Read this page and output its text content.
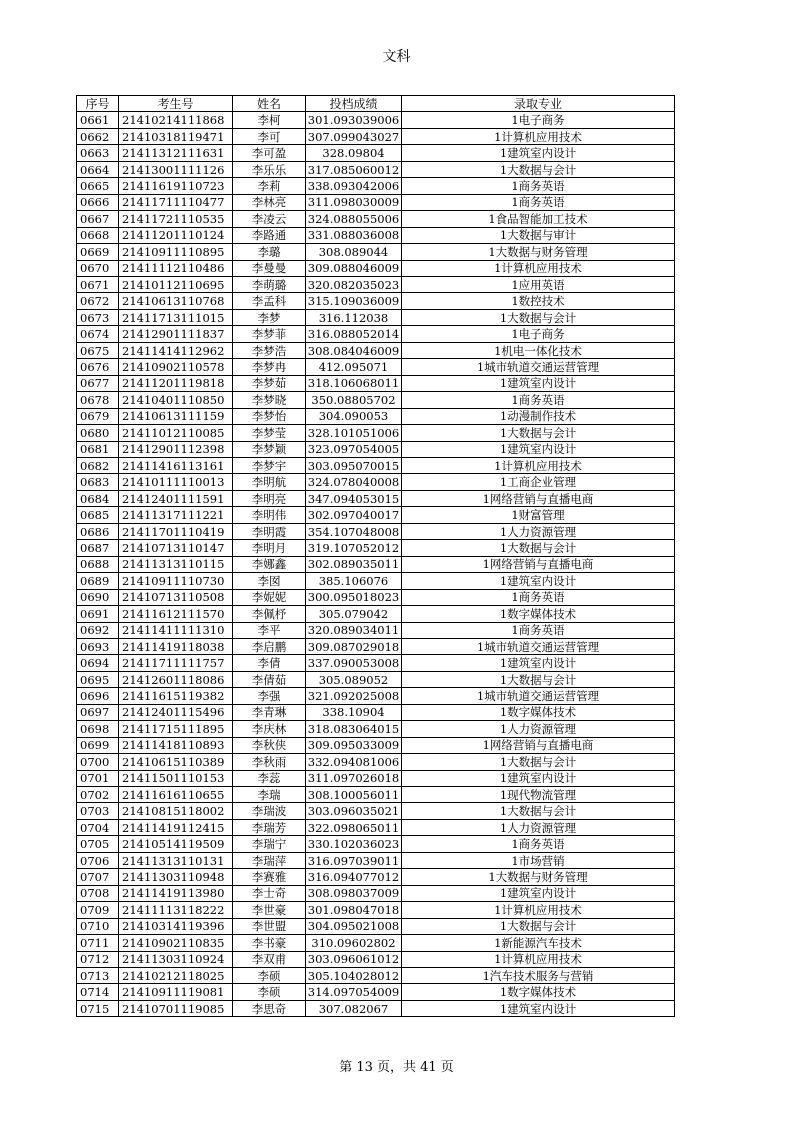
文科
序号	考生号	姓名	投档成绩	录取专业
0661	21410214111868	李柯	301.093039006	1电子商务
0662	21410318119471	李可	307.099043027	1计算机应用技术
0663	21411312111631	李可盈	328.09804	1建筑室内设计
0664	21413001111126	李乐乐	317.085060012	1大数据与会计
0665	21411619110723	李莉	338.093042006	1商务英语
0666	21411711110477	李林亮	311.098030009	1商务英语
0667	21411721110535	李凌云	324.088055006	1食品智能加工技术
0668	21411201110124	李路通	331.088036008	1大数据与审计
0669	21410911110895	李璐	308.089044	1大数据与财务管理
0670	21411112110486	李曼曼	309.088046009	1计算机应用技术
0671	21410112110695	李萌璐	320.082035023	1应用英语
0672	21410613110768	李孟科	315.109036009	1数控技术
0673	21411713111015	李梦	316.112038	1大数据与会计
0674	21412901111837	李梦菲	316.088052014	1电子商务
0675	21411414112962	李梦浩	308.084046009	1机电一体化技术
0676	21410902110578	李梦冉	412.095071	1城市轨道交通运营管理
0677	21411201119818	李梦茹	318.106068011	1建筑室内设计
0678	21410401110850	李梦晓	350.08805702	1商务英语
0679	21410613111159	李梦怡	304.090053	1动漫制作技术
0680	21411012110085	李梦莹	328.101051006	1大数据与会计
0681	21412901112398	李梦颖	323.097054005	1建筑室内设计
0682	21411416113161	李梦宇	303.095070015	1计算机应用技术
0683	21410111110013	李明航	324.078040008	1工商企业管理
0684	21412401111591	李明亮	347.094053015	1网络营销与直播电商
0685	21411317111221	李明伟	302.097040017	1财富管理
0686	21411701110419	李明霞	354.107048008	1人力资源管理
0687	21410713110147	李明月	319.107052012	1大数据与会计
0688	21411313110115	李娜鑫	302.089035011	1网络营销与直播电商
0689	21410911110730	李囡	385.106076	1建筑室内设计
0690	21410713110508	李妮妮	300.095018023	1商务英语
0691	21411612111570	李佩杼	305.079042	1数字媒体技术
0692	21411411111310	李平	320.089034011	1商务英语
0693	21411419118038	李启鹏	309.087029018	1城市轨道交通运营管理
0694	21411711111757	李倩	337.090053008	1建筑室内设计
0695	21412601118086	李倩茹	305.089052	1大数据与会计
0696	21411615119382	李强	321.092025008	1城市轨道交通运营管理
0697	21412401115496	李青琳	338.10904	1数字媒体技术
0698	21411715111895	李庆林	318.083064015	1人力资源管理
0699	21411418110893	李秋侠	309.095033009	1网络营销与直播电商
0700	21410615110389	李秋雨	332.094081006	1大数据与会计
0701	21411501110153	李蕊	311.097026018	1建筑室内设计
0702	21411616110655	李瑞	308.100056011	1现代物流管理
0703	21410815118002	李瑞波	303.096035021	1大数据与会计
0704	21411419112415	李瑞芳	322.098065011	1人力资源管理
0705	21410514119509	李瑞宁	330.102036023	1商务英语
0706	21411313110131	李瑞萍	316.097039011	1市场营销
0707	21411303110948	李赛雅	316.094077012	1大数据与财务管理
0708	21411419113980	李士奇	308.098037009	1建筑室内设计
0709	21411113118222	李世豪	301.098047018	1计算机应用技术
0710	21410314119396	李世盟	304.095021008	1大数据与会计
0711	21410902110835	李书豪	310.09602802	1新能源汽车技术
0712	21411303110924	李双甫	303.096061012	1计算机应用技术
0713	21410212118025	李硕	305.104028012	1汽车技术服务与营销
0714	21410911119081	李硕	314.097054009	1数字媒体技术
0715	21410701119085	李思奇	307.082067	1建筑室内设计
第 13 页，共 41 页
